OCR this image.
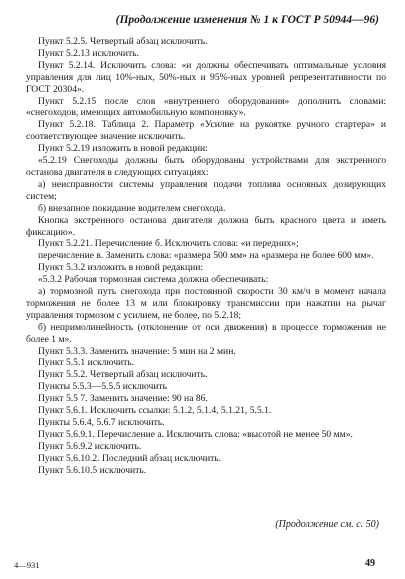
(Продолжение изменения № 1 к ГОСТ Р 50944—96)

Пункт 5.2.5. Четвертый абзац исключить.

Пункт 5.2.13 исключить.

Пункт 5.2.14. Исключить слова: «и должны обеспечивать оптимальные условия управления для лиц 10%-ных, 50%-ных и 95%-ных уровней репрезентативности по ГОСТ 20304».

Пункт 5.2.15 после слов «внутреннего оборудования» дополнить словами: «снегоходов, имеющих автомобильную компоновку».

Пункт 5.2.18. Таблица 2. Параметр «Усилие на рукоятке ручного стартера» и соответствующее значение исключить.

Пункт 5.2.19 изложить в новой редакции:

«5.2.19 Снегоходы должны быть оборудованы устройствами для экстренного останова двигателя в следующих ситуациях:

а) неисправности системы управления подачи топлива основных дозирующих систем;

б) внезапное покидание водителем снегохода.

Кнопка экстренного останова двигателя должна быть красного цвета и иметь фиксацию».

Пункт 5.2.21. Перечисление б. Исключить слова: «и передних»;

перечисление в. Заменить слова: «размера 500 мм» на «размера не более 600 мм».

Пункт 5.3.2 изложить в новой редакции:

«5.3.2 Рабочая тормозная система должна обеспечивать:

а) тормозной путь снегохода при постоянной скорости 30 км/ч в момент начала торможения не более 13 м или блокировку трансмиссии при нажатии на рычаг управления тормозом с усилием, не более, по 5.2.18;

б) непримолинейность (отклонение от оси движения) в процессе торможения не более 1 м».

Пункт 5.3.3. Заменить значение: 5 мин на 2 мин.

Пункт 5.5.1 исключить.

Пункт 5.5.2. Четвертый абзац исключить.

Пункты 5.5.3—5.5.5 исключить

Пункт 5.5 7. Заменить значение: 90 на 86.

Пункт 5.6.1. Исключить ссылки: 5.1.2, 5.1.4, 5.1.21, 5.5.1.

Пункты 5.6.4, 5.6.7 исключить.

Пункт 5.6.9.1. Перечисление а. Исключить слова: «высотой не менее 50 мм».

Пункт 5.6.9.2 исключить.

Пункт 5.6.10.2. Последний абзац исключить.

Пункт 5.6.10.5 исключить.

(Продолжение см. с. 50)
4—931	49
